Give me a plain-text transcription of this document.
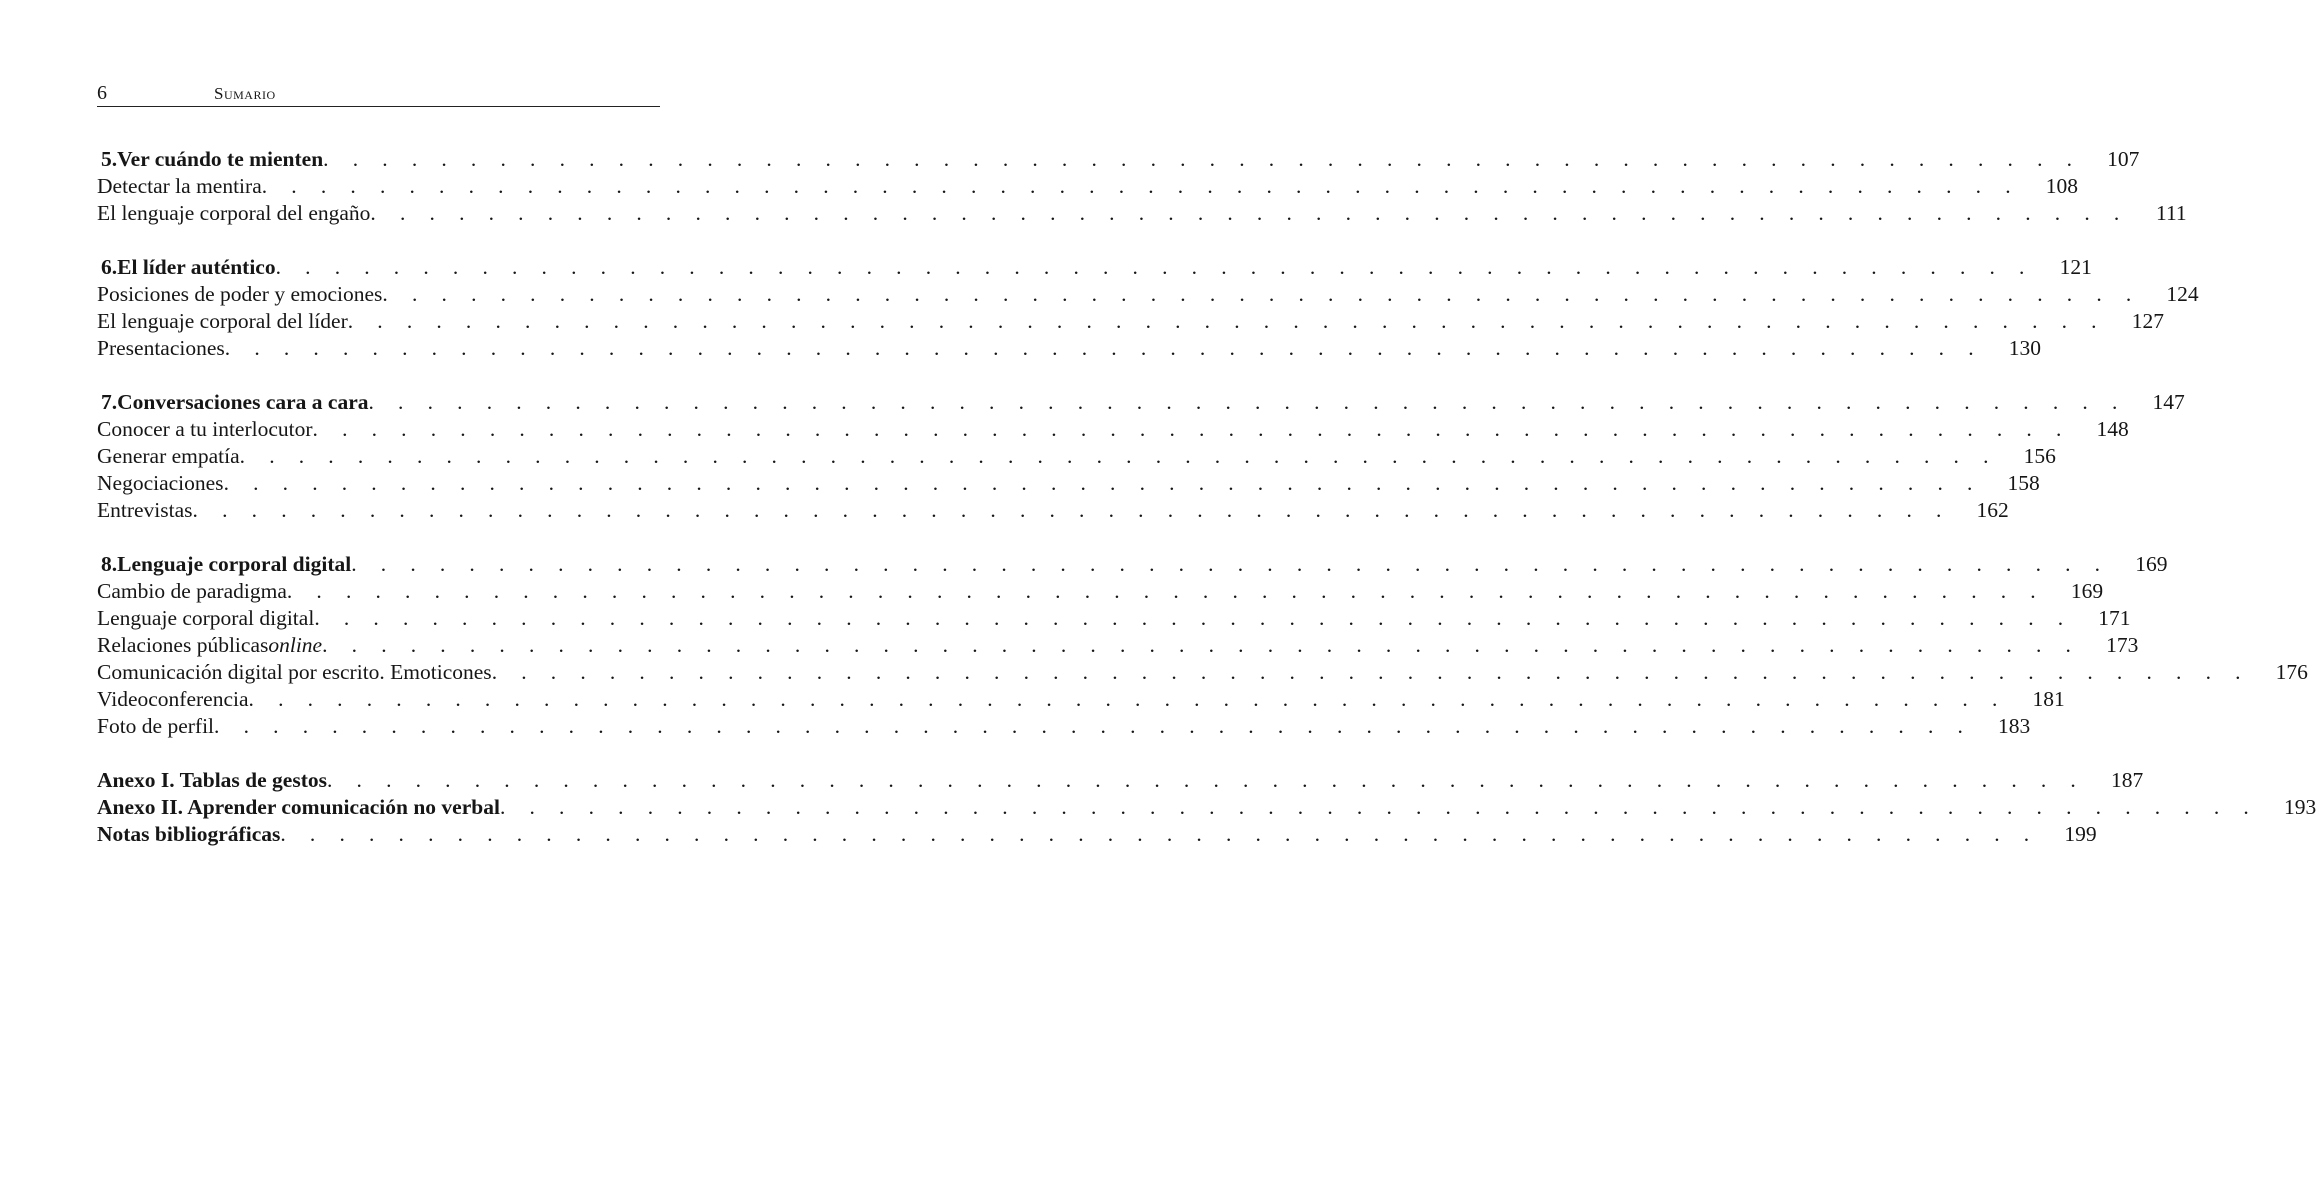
6	Sumario
5. Ver cuándo te mienten . . . . . . . . . . . . . . . . . . . . . . . . . . . . . . . . . . . . . . . . . . . . . . . . . . . . . . . . . . . .	107
Detectar la mentira . . . . . . . . . . . . . . . . . . . . . . . . . . . . . . . . . . . . . . . . . . . . . . . . . . . . . . . . . . . .	108
El lenguaje corporal del engaño . . . . . . . . . . . . . . . . . . . . . . . . . . . . . . . . . . . . . . . . . . . . . . . . . . . . . . . . . . . .	111
6. El líder auténtico . . . . . . . . . . . . . . . . . . . . . . . . . . . . . . . . . . . . . . . . . . . . . . . . . . . . . . . . . . . .	121
Posiciones de poder y emociones . . . . . . . . . . . . . . . . . . . . . . . . . . . . . . . . . . . . . . . . . . . . . . . . . . . . . . . . . . . .	124
El lenguaje corporal del líder . . . . . . . . . . . . . . . . . . . . . . . . . . . . . . . . . . . . . . . . . . . . . . . . . . . . . . . . . . . .	127
Presentaciones . . . . . . . . . . . . . . . . . . . . . . . . . . . . . . . . . . . . . . . . . . . . . . . . . . . . . . . . . . . .	130
7. Conversaciones cara a cara . . . . . . . . . . . . . . . . . . . . . . . . . . . . . . . . . . . . . . . . . . . . . . . . . . . . . . . . . . . .	147
Conocer a tu interlocutor . . . . . . . . . . . . . . . . . . . . . . . . . . . . . . . . . . . . . . . . . . . . . . . . . . . . . . . . . . . .	148
Generar empatía . . . . . . . . . . . . . . . . . . . . . . . . . . . . . . . . . . . . . . . . . . . . . . . . . . . . . . . . . . . .	156
Negociaciones . . . . . . . . . . . . . . . . . . . . . . . . . . . . . . . . . . . . . . . . . . . . . . . . . . . . . . . . . . . .	158
Entrevistas . . . . . . . . . . . . . . . . . . . . . . . . . . . . . . . . . . . . . . . . . . . . . . . . . . . . . . . . . . . .	162
8. Lenguaje corporal digital . . . . . . . . . . . . . . . . . . . . . . . . . . . . . . . . . . . . . . . . . . . . . . . . . . . . . . . . . . . .	169
Cambio de paradigma . . . . . . . . . . . . . . . . . . . . . . . . . . . . . . . . . . . . . . . . . . . . . . . . . . . . . . . . . . . .	169
Lenguaje corporal digital . . . . . . . . . . . . . . . . . . . . . . . . . . . . . . . . . . . . . . . . . . . . . . . . . . . . . . . . . . . .	171
Relaciones públicas online . . . . . . . . . . . . . . . . . . . . . . . . . . . . . . . . . . . . . . . . . . . . . . . . . . . . . . . . . . . .	173
Comunicación digital por escrito. Emoticones . . . . . . . . . . . . . . . . . . . . . . . . . . . . . . . . . . . . . . . . . . . . . . . . . . . . . . . . . . . .	176
Videoconferencia . . . . . . . . . . . . . . . . . . . . . . . . . . . . . . . . . . . . . . . . . . . . . . . . . . . . . . . . . . . .	181
Foto de perfil . . . . . . . . . . . . . . . . . . . . . . . . . . . . . . . . . . . . . . . . . . . . . . . . . . . . . . . . . . . .	183
Anexo I. Tablas de gestos . . . . . . . . . . . . . . . . . . . . . . . . . . . . . . . . . . . . . . . . . . . . . . . . . . . . . . . . . . . .	187
Anexo II. Aprender comunicación no verbal . . . . . . . . . . . . . . . . . . . . . . . . . . . . . . . . . . . . . . . . . . . . . . . . . . . . . . . . . . . .	193
Notas bibliográficas . . . . . . . . . . . . . . . . . . . . . . . . . . . . . . . . . . . . . . . . . . . . . . . . . . . . . . . . . . . .	199
